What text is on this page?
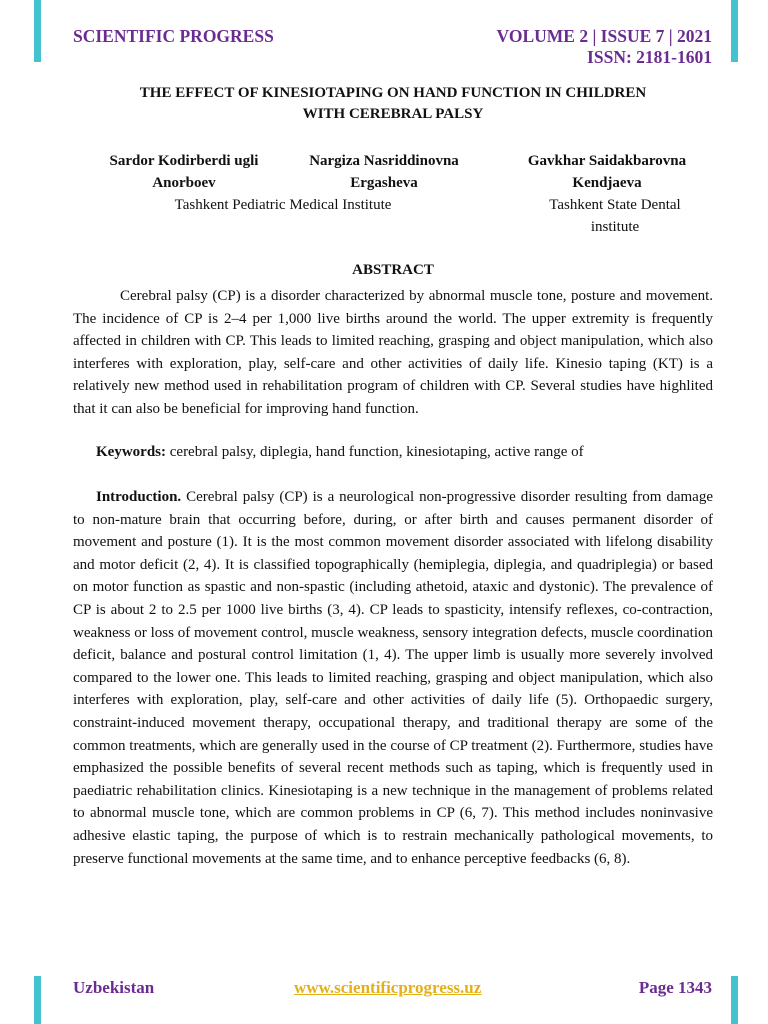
SCIENTIFIC PROGRESS	VOLUME 2 | ISSUE 7 | 2021
ISSN: 2181-1601
THE EFFECT OF KINESIOTAPING ON HAND FUNCTION IN CHILDREN
WITH CEREBRAL PALSY
Sardor Kodirberdi ugli
Anorboev
Nargiza Nasriddinovna
Ergasheva
Gavkhar Saidakbarovna
Kendjaeva
Tashkent Pediatric Medical Institute	Tashkent State Dental
institute
ABSTRACT

Cerebral palsy (CP) is a disorder characterized by abnormal muscle tone, posture and movement. The incidence of CP is 2–4 per 1,000 live births around the world. The upper extremity is frequently affected in children with CP. This leads to limited reaching, grasping and object manipulation, which also interferes with exploration, play, self-care and other activities of daily life. Kinesio taping (KT) is a relatively new method used in rehabilitation program of children with CP. Several studies have highlited that it can also be beneficial for improving hand function.

Keywords: cerebral palsy, diplegia, hand function, kinesiotaping, active range of

Introduction. Cerebral palsy (CP) is a neurological non-progressive disorder resulting from damage to non-mature brain that occurring before, during, or after birth and causes permanent disorder of movement and posture (1). It is the most common movement disorder associated with lifelong disability and motor deficit (2, 4). It is classified topographically (hemiplegia, diplegia, and quadriplegia) or based on motor function as spastic and non-spastic (including athetoid, ataxic and dystonic). The prevalence of CP is about 2 to 2.5 per 1000 live births (3, 4). CP leads to spasticity, intensify reflexes, co-contraction, weakness or loss of movement control, muscle weakness, sensory integration defects, muscle coordination deficit, balance and postural control limitation (1, 4). The upper limb is usually more severely involved compared to the lower one. This leads to limited reaching, grasping and object manipulation, which also interferes with exploration, play, self-care and other activities of daily life (5). Orthopaedic surgery, constraint-induced movement therapy, occupational therapy, and traditional therapy are some of the common treatments, which are generally used in the course of CP treatment (2). Furthermore, studies have emphasized the possible benefits of several recent methods such as taping, which is frequently used in paediatric rehabilitation clinics. Kinesiotaping is a new technique in the management of problems related to abnormal muscle tone, which are common problems in CP (6, 7). This method includes noninvasive adhesive elastic taping, the purpose of which is to restrain mechanically pathological movements, to preserve functional movements at the same time, and to enhance perceptive feedbacks (6, 8).

Uzbekistan	www.scientificprogress.uz	Page 1343
